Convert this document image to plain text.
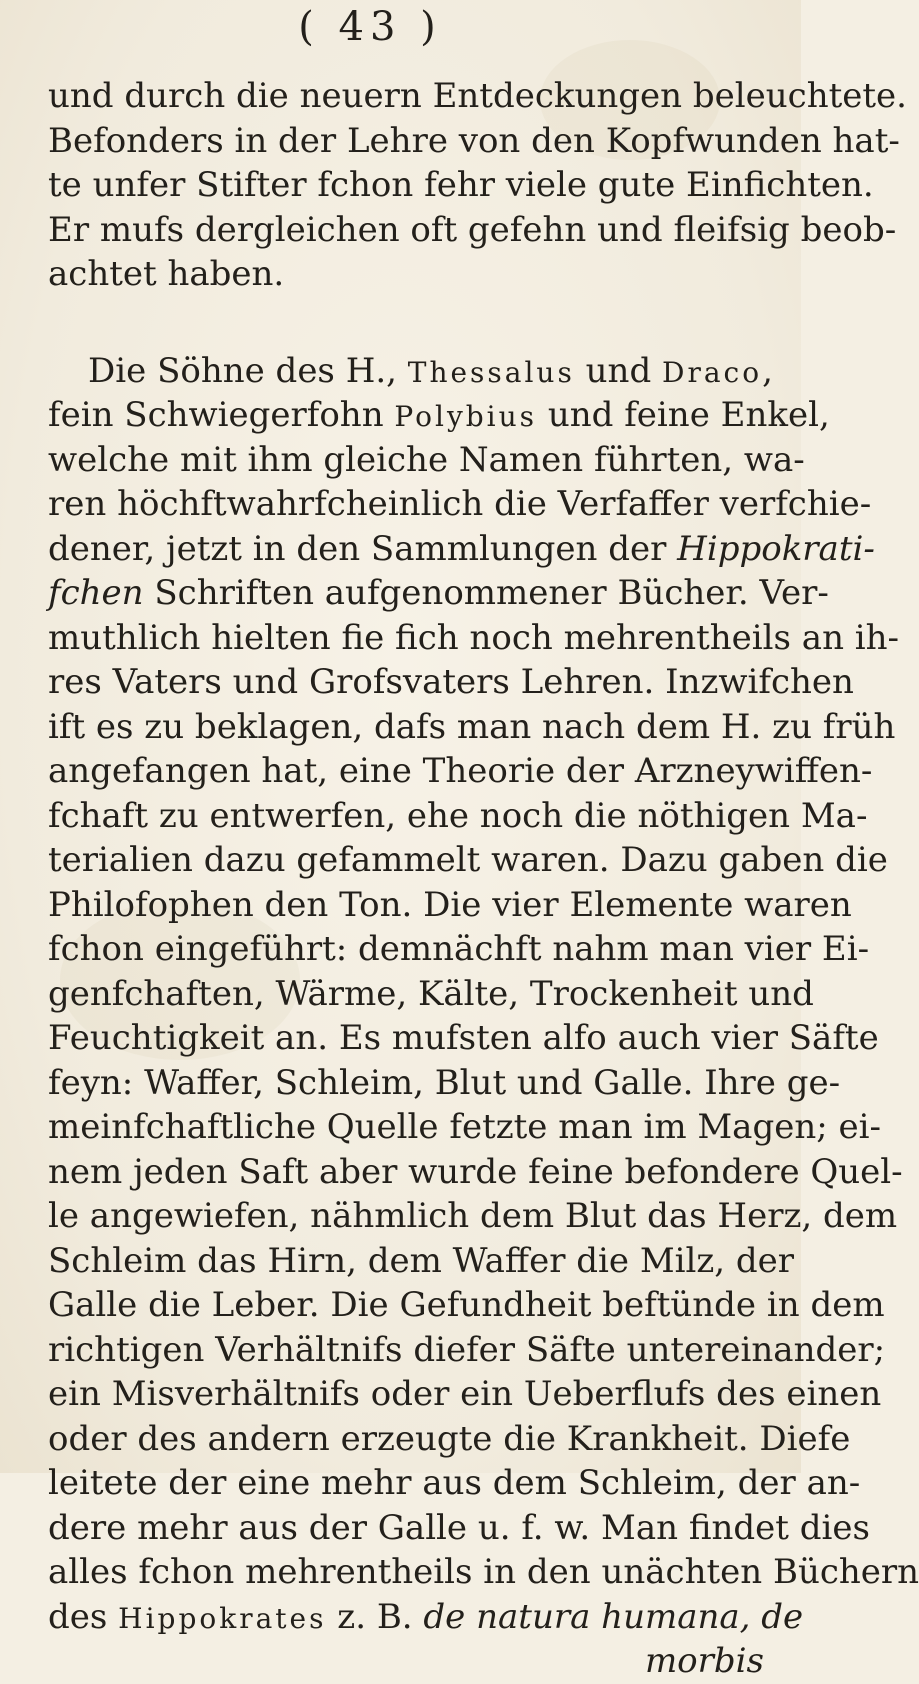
( 43 )
und durch die neuern Entdeckungen beleuchtete.
Befonders in der Lehre von den Kopfwunden hat-
te unfer Stifter fchon fehr viele gute Einfichten.
Er mufs dergleichen oft gefehn und fleifsig beob-
achtet haben.
Die Söhne des H., Thessalus und Draco,
fein Schwiegerfohn Polybius und feine Enkel,
welche mit ihm gleiche Namen führten, wa-
ren höchftwahrfcheinlich die Verfaffer verfchie-
dener, jetzt in den Sammlungen der Hippokrati-
fchen Schriften aufgenommener Bücher. Ver-
muthlich hielten fie fich noch mehrentheils an ih-
res Vaters und Grofsvaters Lehren. Inzwifchen
ift es zu beklagen, dafs man nach dem H. zu früh
angefangen hat, eine Theorie der Arzneywiffen-
fchaft zu entwerfen, ehe noch die nöthigen Ma-
terialien dazu gefammelt waren. Dazu gaben die
Philofophen den Ton. Die vier Elemente waren
fchon eingeführt: demnächft nahm man vier Ei-
genfchaften, Wärme, Kälte, Trockenheit und
Feuchtigkeit an. Es mufsten alfo auch vier Säfte
feyn: Waffer, Schleim, Blut und Galle. Ihre ge-
meinfchaftliche Quelle fetzte man im Magen; ei-
nem jeden Saft aber wurde feine befondere Quel-
le angewiefen, nähmlich dem Blut das Herz, dem
Schleim das Hirn, dem Waffer die Milz, der
Galle die Leber. Die Gefundheit beftünde in dem
richtigen Verhältnifs diefer Säfte untereinander;
ein Misverhältnifs oder ein Ueberflufs des einen
oder des andern erzeugte die Krankheit. Diefe
leitete der eine mehr aus dem Schleim, der an-
dere mehr aus der Galle u. f. w. Man findet dies
alles fchon mehrentheils in den unächten Büchern
des Hippokrates z. B. de natura humana, de
morbis
